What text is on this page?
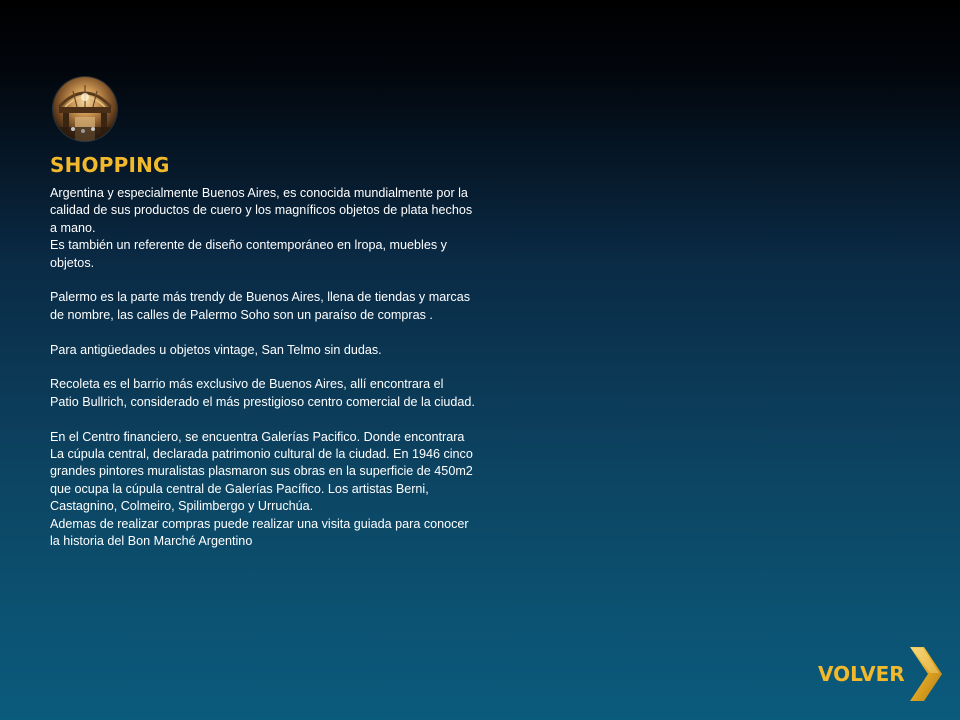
SHOPPING

Argentina y especialmente Buenos Aires, es conocida mundialmente por la calidad de sus productos de cuero y los magníficos objetos de plata hechos a mano.

Es también un referente de diseño contemporáneo en lropa, muebles y objetos.

Palermo es la parte más trendy de Buenos Aires, llena de tiendas y marcas de nombre, las calles de Palermo Soho son un paraíso de compras .

Para antigüedades u objetos vintage, San Telmo sin dudas.

Recoleta es el barrio más exclusivo de Buenos Aires, allí encontrara el Patio Bullrich, considerado el más prestigioso centro comercial de la ciudad.

En el Centro financiero, se encuentra Galerías Pacifico. Donde encontrara La cúpula central, declarada patrimonio cultural de la ciudad. En 1946 cinco grandes pintores muralistas plasmaron sus obras en la superficie de 450m2 que ocupa la cúpula central de Galerías Pacífico. Los artistas Berni, Castagnino, Colmeiro, Spilimbergo y Urruchúa.

Ademas de realizar compras puede realizar una visita guiada para conocer la historia del Bon Marché Argentino

VOLVER
